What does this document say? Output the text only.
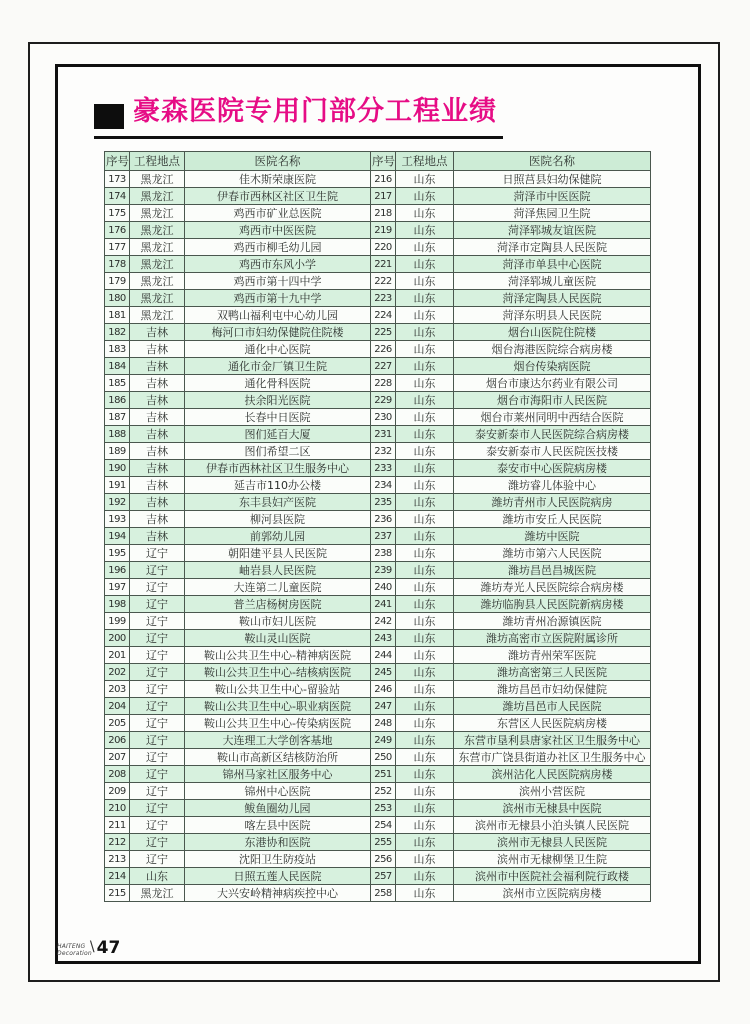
豪森医院专用门部分工程业绩
序号	工程地点	医院名称	序号	工程地点	医院名称
173	黑龙江	佳木斯荣康医院	216	山东	日照莒县妇幼保健院
174	黑龙江	伊春市西林区社区卫生院	217	山东	菏泽市中医医院
175	黑龙江	鸡西市矿业总医院	218	山东	菏泽焦园卫生院
176	黑龙江	鸡西市中医医院	219	山东	菏泽郓城友谊医院
177	黑龙江	鸡西市柳毛幼儿园	220	山东	菏泽市定陶县人民医院
178	黑龙江	鸡西市东风小学	221	山东	菏泽市单县中心医院
179	黑龙江	鸡西市第十四中学	222	山东	菏泽郓城儿童医院
180	黑龙江	鸡西市第十九中学	223	山东	菏泽定陶县人民医院
181	黑龙江	双鸭山福利屯中心幼儿园	224	山东	菏泽东明县人民医院
182	吉林	梅河口市妇幼保健院住院楼	225	山东	烟台山医院住院楼
183	吉林	通化中心医院	226	山东	烟台海港医院综合病房楼
184	吉林	通化市金厂镇卫生院	227	山东	烟台传染病医院
185	吉林	通化骨科医院	228	山东	烟台市康达尔药业有限公司
186	吉林	扶余阳光医院	229	山东	烟台市海阳市人民医院
187	吉林	长春中日医院	230	山东	烟台市莱州同明中西结合医院
188	吉林	图们延百大厦	231	山东	泰安新泰市人民医院综合病房楼
189	吉林	图们希望二区	232	山东	泰安新泰市人民医院医技楼
190	吉林	伊春市西林社区卫生服务中心	233	山东	泰安市中心医院病房楼
191	吉林	延吉市110办公楼	234	山东	潍坊睿儿体验中心
192	吉林	东丰县妇产医院	235	山东	潍坊青州市人民医院病房
193	吉林	柳河县医院	236	山东	潍坊市安丘人民医院
194	吉林	前郭幼儿园	237	山东	潍坊中医院
195	辽宁	朝阳建平县人民医院	238	山东	潍坊市第六人民医院
196	辽宁	岫岩县人民医院	239	山东	潍坊昌邑昌城医院
197	辽宁	大连第二儿童医院	240	山东	潍坊寿光人民医院综合病房楼
198	辽宁	普兰店杨树房医院	241	山东	潍坊临朐县人民医院新病房楼
199	辽宁	鞍山市妇儿医院	242	山东	潍坊青州冶源镇医院
200	辽宁	鞍山灵山医院	243	山东	潍坊高密市立医院附属诊所
201	辽宁	鞍山公共卫生中心-精神病医院	244	山东	潍坊青州荣军医院
202	辽宁	鞍山公共卫生中心-结核病医院	245	山东	潍坊高密第三人民医院
203	辽宁	鞍山公共卫生中心-留验站	246	山东	潍坊昌邑市妇幼保健院
204	辽宁	鞍山公共卫生中心-职业病医院	247	山东	潍坊昌邑市人民医院
205	辽宁	鞍山公共卫生中心-传染病医院	248	山东	东营区人民医院病房楼
206	辽宁	大连理工大学创客基地	249	山东	东营市垦利县唐家社区卫生服务中心
207	辽宁	鞍山市高新区结核防治所	250	山东	东营市广饶县街道办社区卫生服务中心
208	辽宁	锦州马家社区服务中心	251	山东	滨州沾化人民医院病房楼
209	辽宁	锦州中心医院	252	山东	滨州小营医院
210	辽宁	鲅鱼圈幼儿园	253	山东	滨州市无棣县中医院
211	辽宁	喀左县中医院	254	山东	滨州市无棣县小泊头镇人民医院
212	辽宁	东港协和医院	255	山东	滨州市无棣县人民医院
213	辽宁	沈阳卫生防疫站	256	山东	滨州市无棣柳堡卫生院
214	山东	日照五莲人民医院	257	山东	滨州市中医院社会福利院行政楼
215	黑龙江	大兴安岭精神病疾控中心	258	山东	滨州市立医院病房楼
HAITENG
Decoration
\ 47
